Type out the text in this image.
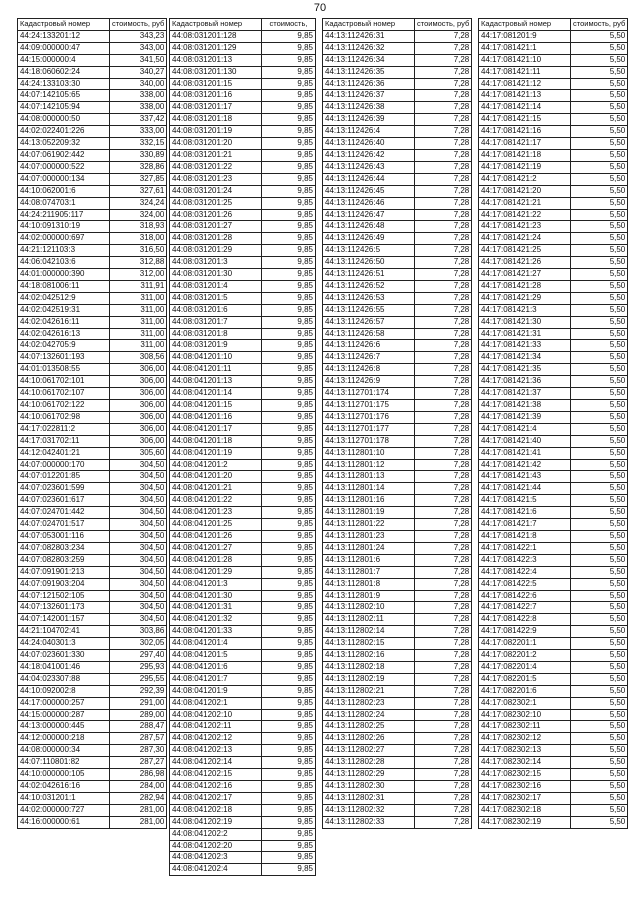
70
Кадастровый номер	стоимость, руб
44:24:133201:12	343,23
44:09:000000:47	343,00
44:15:000000:4	341,50
44:18:060602:24	340,27
44:24:133103:30	340,00
44:07:142105:65	338,00
44:07:142105:94	338,00
44:08:000000:50	337,42
44:02:022401:226	333,00
44:13:052209:32	332,15
44:07:061902:442	330,89
44:07:000000:522	328,86
44:07:000000:134	327,85
44:10:062001:6	327,61
44:08:074703:1	324,24
44:24:211905:117	324,00
44:10:091310:19	318,93
44:02:000000:697	318,00
44:21:121103:3	316,50
44:06:042103:6	312,88
44:01:000000:390	312,00
44:18:081006:11	311,91
44:02:042512:9	311,00
44:02:042519:31	311,00
44:02:042616:11	311,00
44:02:042616:13	311,00
44:02:042705:9	311,00
44:07:132601:193	308,56
44:01:013508:55	306,00
44:10:061702:101	306,00
44:10:061702:107	306,00
44:10:061702:122	306,00
44:10:061702:98	306,00
44:17:022811:2	306,00
44:17:031702:11	306,00
44:12:042401:21	305,60
44:07:000000:170	304,50
44:07:012201:85	304,50
44:07:023601:599	304,50
44:07:023601:617	304,50
44:07:024701:442	304,50
44:07:024701:517	304,50
44:07:053001:116	304,50
44:07:082803:234	304,50
44:07:082803:259	304,50
44:07:091901:213	304,50
44:07:091903:204	304,50
44:07:121502:105	304,50
44:07:132601:173	304,50
44:07:142001:157	304,50
44:21:104702:41	303,86
44:24:040301:3	302,05
44:07:023601:330	297,40
44:18:041001:46	295,93
44:04:023307:88	295,55
44:10:092002:8	292,39
44:17:000000:257	291,00
44:15:000000:287	289,00
44:13:000000:445	288,47
44:12:000000:218	287,57
44:08:000000:34	287,30
44:07:110801:82	287,27
44:10:000000:105	286,98
44:02:042616:16	284,00
44:10:031201:1	282,94
44:02:000000:727	281,00
44:16:000000:61	281,00
Кадастровый номер	стоимость,
44:08:031201:128	9,85
44:08:031201:129	9,85
44:08:031201:13	9,85
44:08:031201:130	9,85
44:08:031201:15	9,85
44:08:031201:16	9,85
44:08:031201:17	9,85
44:08:031201:18	9,85
44:08:031201:19	9,85
44:08:031201:20	9,85
44:08:031201:21	9,85
44:08:031201:22	9,85
44:08:031201:23	9,85
44:08:031201:24	9,85
44:08:031201:25	9,85
44:08:031201:26	9,85
44:08:031201:27	9,85
44:08:031201:28	9,85
44:08:031201:29	9,85
44:08:031201:3	9,85
44:08:031201:30	9,85
44:08:031201:4	9,85
44:08:031201:5	9,85
44:08:031201:6	9,85
44:08:031201:7	9,85
44:08:031201:8	9,85
44:08:031201:9	9,85
44:08:041201:10	9,85
44:08:041201:11	9,85
44:08:041201:13	9,85
44:08:041201:14	9,85
44:08:041201:15	9,85
44:08:041201:16	9,85
44:08:041201:17	9,85
44:08:041201:18	9,85
44:08:041201:19	9,85
44:08:041201:2	9,85
44:08:041201:20	9,85
44:08:041201:21	9,85
44:08:041201:22	9,85
44:08:041201:23	9,85
44:08:041201:25	9,85
44:08:041201:26	9,85
44:08:041201:27	9,85
44:08:041201:28	9,85
44:08:041201:29	9,85
44:08:041201:3	9,85
44:08:041201:30	9,85
44:08:041201:31	9,85
44:08:041201:32	9,85
44:08:041201:33	9,85
44:08:041201:4	9,85
44:08:041201:5	9,85
44:08:041201:6	9,85
44:08:041201:7	9,85
44:08:041201:9	9,85
44:08:041202:1	9,85
44:08:041202:10	9,85
44:08:041202:11	9,85
44:08:041202:12	9,85
44:08:041202:13	9,85
44:08:041202:14	9,85
44:08:041202:15	9,85
44:08:041202:16	9,85
44:08:041202:17	9,85
44:08:041202:18	9,85
44:08:041202:19	9,85
44:08:041202:2	9,85
44:08:041202:20	9,85
44:08:041202:3	9,85
44:08:041202:4	9,85
Кадастровый номер	стоимость, руб
44:13:112426:31	7,28
44:13:112426:32	7,28
44:13:112426:34	7,28
44:13:112426:35	7,28
44:13:112426:36	7,28
44:13:112426:37	7,28
44:13:112426:38	7,28
44:13:112426:39	7,28
44:13:112426:4	7,28
44:13:112426:40	7,28
44:13:112426:42	7,28
44:13:112426:43	7,28
44:13:112426:44	7,28
44:13:112426:45	7,28
44:13:112426:46	7,28
44:13:112426:47	7,28
44:13:112426:48	7,28
44:13:112426:49	7,28
44:13:112426:5	7,28
44:13:112426:50	7,28
44:13:112426:51	7,28
44:13:112426:52	7,28
44:13:112426:53	7,28
44:13:112426:55	7,28
44:13:112426:57	7,28
44:13:112426:58	7,28
44:13:112426:6	7,28
44:13:112426:7	7,28
44:13:112426:8	7,28
44:13:112426:9	7,28
44:13:112701:174	7,28
44:13:112701:175	7,28
44:13:112701:176	7,28
44:13:112701:177	7,28
44:13:112701:178	7,28
44:13:112801:10	7,28
44:13:112801:12	7,28
44:13:112801:13	7,28
44:13:112801:14	7,28
44:13:112801:16	7,28
44:13:112801:19	7,28
44:13:112801:22	7,28
44:13:112801:23	7,28
44:13:112801:24	7,28
44:13:112801:6	7,28
44:13:112801:7	7,28
44:13:112801:8	7,28
44:13:112801:9	7,28
44:13:112802:10	7,28
44:13:112802:11	7,28
44:13:112802:14	7,28
44:13:112802:15	7,28
44:13:112802:16	7,28
44:13:112802:18	7,28
44:13:112802:19	7,28
44:13:112802:21	7,28
44:13:112802:23	7,28
44:13:112802:24	7,28
44:13:112802:25	7,28
44:13:112802:26	7,28
44:13:112802:27	7,28
44:13:112802:28	7,28
44:13:112802:29	7,28
44:13:112802:30	7,28
44:13:112802:31	7,28
44:13:112802:32	7,28
44:13:112802:33	7,28
Кадастровый номер	стоимость, руб
44:17:081201:9	5,50
44:17:081421:1	5,50
44:17:081421:10	5,50
44:17:081421:11	5,50
44:17:081421:12	5,50
44:17:081421:13	5,50
44:17:081421:14	5,50
44:17:081421:15	5,50
44:17:081421:16	5,50
44:17:081421:17	5,50
44:17:081421:18	5,50
44:17:081421:19	5,50
44:17:081421:2	5,50
44:17:081421:20	5,50
44:17:081421:21	5,50
44:17:081421:22	5,50
44:17:081421:23	5,50
44:17:081421:24	5,50
44:17:081421:25	5,50
44:17:081421:26	5,50
44:17:081421:27	5,50
44:17:081421:28	5,50
44:17:081421:29	5,50
44:17:081421:3	5,50
44:17:081421:30	5,50
44:17:081421:31	5,50
44:17:081421:33	5,50
44:17:081421:34	5,50
44:17:081421:35	5,50
44:17:081421:36	5,50
44:17:081421:37	5,50
44:17:081421:38	5,50
44:17:081421:39	5,50
44:17:081421:4	5,50
44:17:081421:40	5,50
44:17:081421:41	5,50
44:17:081421:42	5,50
44:17:081421:43	5,50
44:17:081421:44	5,50
44:17:081421:5	5,50
44:17:081421:6	5,50
44:17:081421:7	5,50
44:17:081421:8	5,50
44:17:081422:1	5,50
44:17:081422:3	5,50
44:17:081422:4	5,50
44:17:081422:5	5,50
44:17:081422:6	5,50
44:17:081422:7	5,50
44:17:081422:8	5,50
44:17:081422:9	5,50
44:17:082201:1	5,50
44:17:082201:2	5,50
44:17:082201:4	5,50
44:17:082201:5	5,50
44:17:082201:6	5,50
44:17:082302:1	5,50
44:17:082302:10	5,50
44:17:082302:11	5,50
44:17:082302:12	5,50
44:17:082302:13	5,50
44:17:082302:14	5,50
44:17:082302:15	5,50
44:17:082302:16	5,50
44:17:082302:17	5,50
44:17:082302:18	5,50
44:17:082302:19	5,50
